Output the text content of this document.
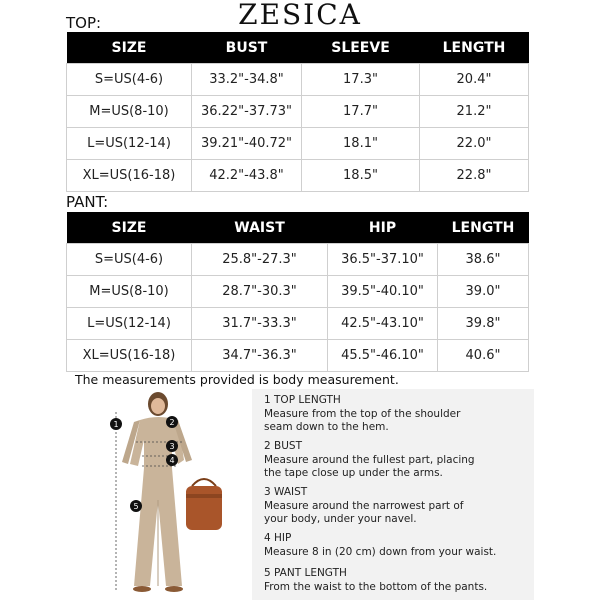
ZESICA
TOP:
SIZE	BUST	SLEEVE	LENGTH
S=US(4-6)	33.2"-34.8"	17.3"	20.4"
M=US(8-10)	36.22"-37.73"	17.7"	21.2"
L=US(12-14)	39.21"-40.72"	18.1"	22.0"
XL=US(16-18)	42.2"-43.8"	18.5"	22.8"
PANT:
SIZE	WAIST	HIP	LENGTH
S=US(4-6)	25.8"-27.3"	36.5"-37.10"	38.6"
M=US(8-10)	28.7"-30.3"	39.5"-40.10"	39.0"
L=US(12-14)	31.7"-33.3"	42.5"-43.10"	39.8"
XL=US(16-18)	34.7"-36.3"	45.5"-46.10"	40.6"
The measurements provided is body measurement.
1	2
3
4
5
1 TOP LENGTH
Measure from the top of the shoulder
seam down to the hem.
2 BUST
Measure around the fullest part, placing
the tape close up under the arms.
3 WAIST
Measure around the narrowest part of
your body, under your navel.
4 HIP
Measure 8 in (20 cm) down from your waist.
5 PANT LENGTH
From the waist to the bottom of the pants.
